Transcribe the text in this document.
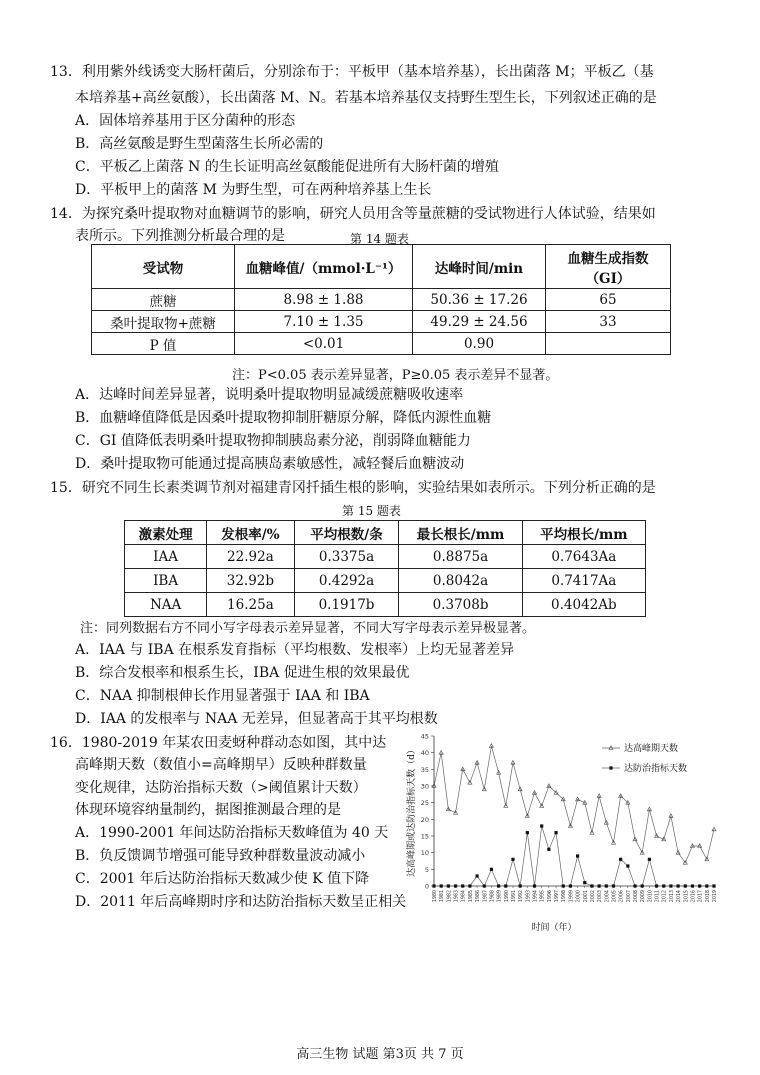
13．利用紫外线诱变大肠杆菌后，分别涂布于：平板甲（基本培养基），长出菌落 M；平板乙（基
本培养基+高丝氨酸），长出菌落 M、N。若基本培养基仅支持野生型生长，下列叙述正确的是
A．固体培养基用于区分菌种的形态
B．高丝氨酸是野生型菌落生长所必需的
C．平板乙上菌落 N 的生长证明高丝氨酸能促进所有大肠杆菌的增殖
D．平板甲上的菌落 M 为野生型，可在两种培养基上生长
14．为探究桑叶提取物对血糖调节的影响，研究人员用含等量蔗糖的受试物进行人体试验，结果如
表所示。下列推测分析最合理的是	第 14 题表
受试物	血糖峰值/（mmol·L⁻¹）	达峰时间/min	血糖生成指数
（GI）

蔗糖	8.98 ± 1.88	50.36 ± 17.26	65
桑叶提取物+蔗糖	7.10 ± 1.35	49.29 ± 24.56	33
P 值	<0.01	0.90	
注：P<0.05 表示差异显著，P≥0.05 表示差异不显著。
A．达峰时间差异显著，说明桑叶提取物明显减缓蔗糖吸收速率
B．血糖峰值降低是因桑叶提取物抑制肝糖原分解，降低内源性血糖
C．GI 值降低表明桑叶提取物抑制胰岛素分泌，削弱降血糖能力
D．桑叶提取物可能通过提高胰岛素敏感性，减轻餐后血糖波动
15．研究不同生长素类调节剂对福建青冈扦插生根的影响，实验结果如表所示。下列分析正确的是
第 15 题表
激素处理	发根率/%	平均根数/条	最长根长/mm	平均根长/mm
IAA	22.92a	0.3375a	0.8875a	0.7643Aa
IBA	32.92b	0.4292a	0.8042a	0.7417Aa
NAA	16.25a	0.1917b	0.3708b	0.4042Ab
注：同列数据右方不同小写字母表示差异显著，不同大写字母表示差异极显著。
A．IAA 与 IBA 在根系发育指标（平均根数、发根率）上均无显著差异
B．综合发根率和根系生长，IBA 促进生根的效果最优
C．NAA 抑制根伸长作用显著强于 IAA 和 IBA
D．IAA 的发根率与 NAA 无差异，但显著高于其平均根数
16．1980-2019 年某农田麦蚜种群动态如图，其中达
高峰期天数（数值小=高峰期早）反映种群数量
变化规律，达防治指标天数（>阈值累计天数）
体现环境容纳量制约，据图推测最合理的是
A．1990-2001 年间达防治指标天数峰值为 40 天
B．负反馈调节增强可能导致种群数量波动减小
C．2001 年后达防治指标天数减少使 K 值下降
D．2011 年后高峰期时序和达防治指标天数呈正相关
0
5
10
15
20
25
30
35
40
45
1980 1981 1982 1983 1984 1985 1986 1987 1988 1989 1990 1991 1992 1993 1994 1995 1996 1997 1998 1999 2000 2001 2002 2003 2004 2005 2006 2007 2008 2009 2010 2011 2012 2013 2014 2015 2016 2017 2018 2019
达高峰期或达防治指标天数（d）
时间（年）
达高峰期天数
达防治指标天数
高三生物 试题 第3页 共 7 页
